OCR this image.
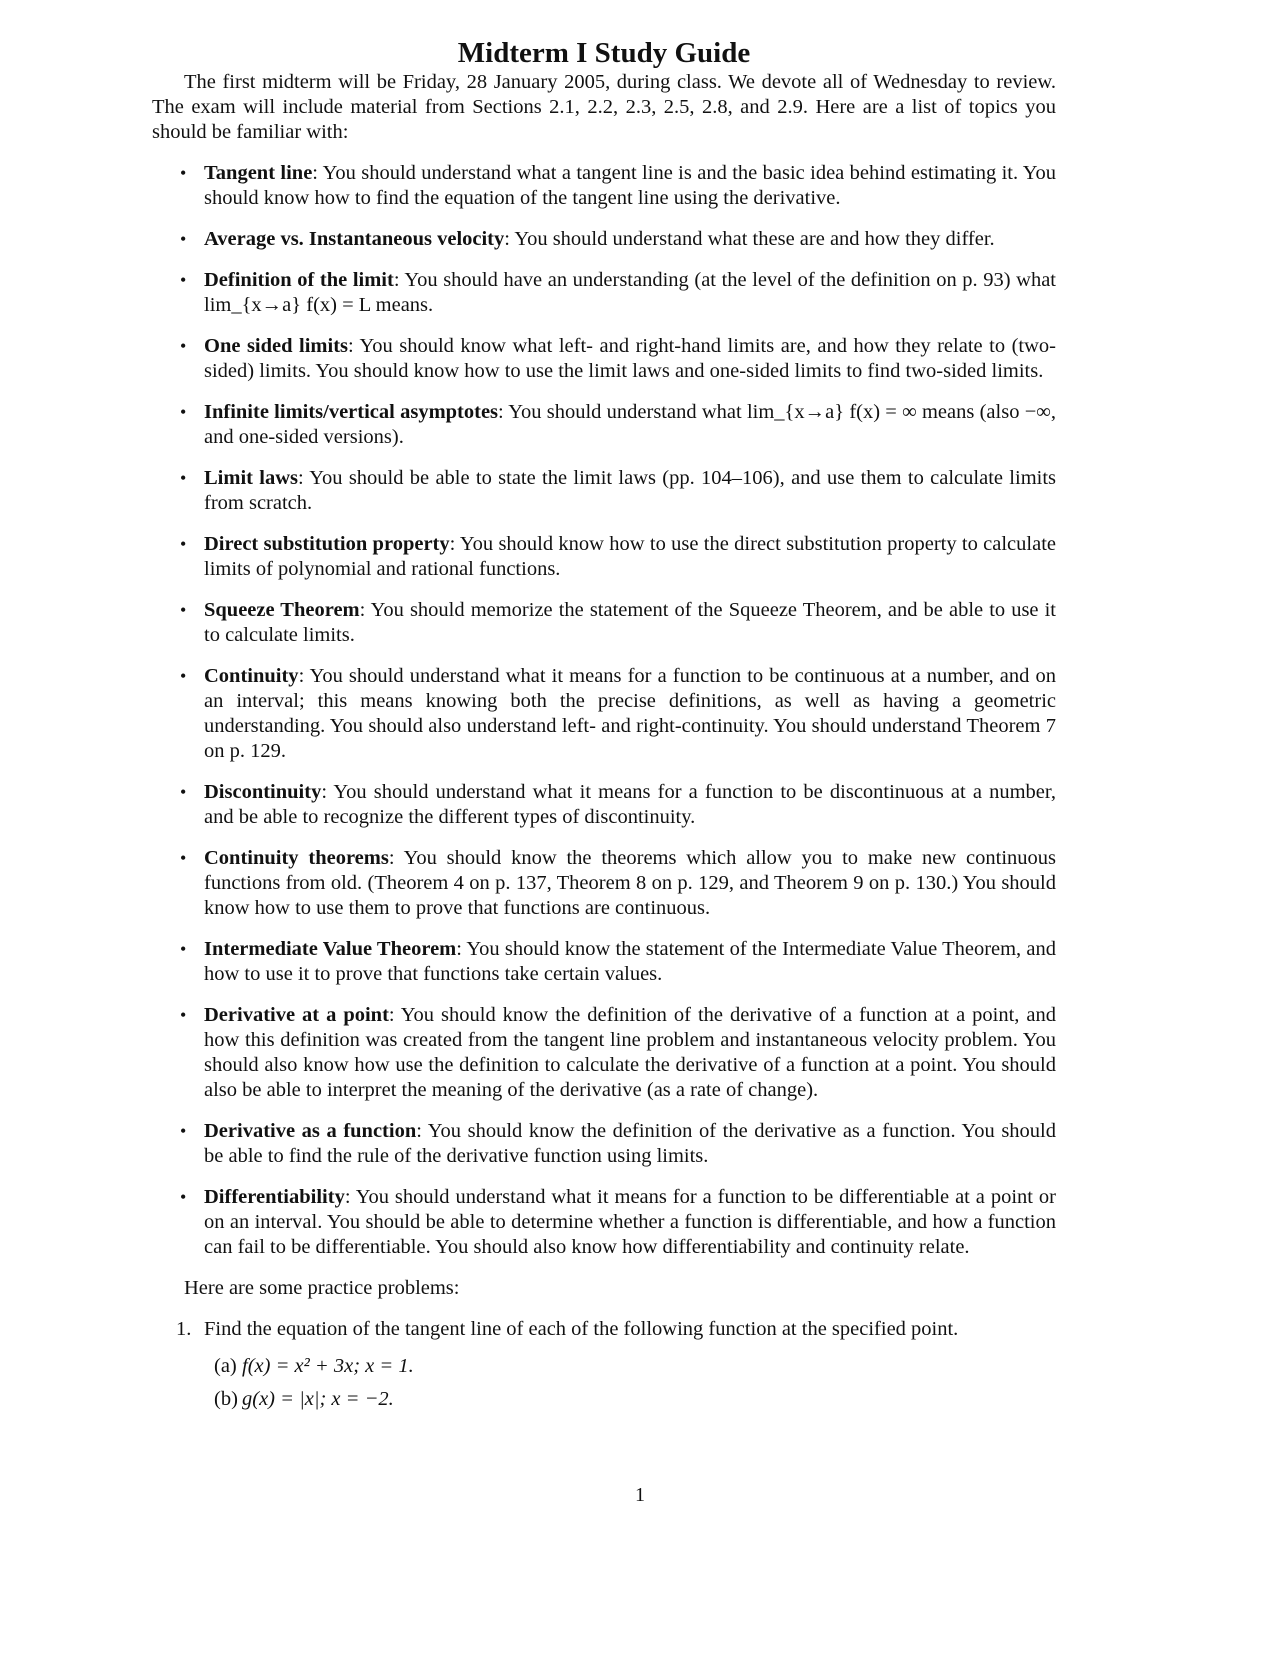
Midterm I Study Guide

The first midterm will be Friday, 28 January 2005, during class. We devote all of Wednesday to review. The exam will include material from Sections 2.1, 2.2, 2.3, 2.5, 2.8, and 2.9. Here are a list of topics you should be familiar with:

• Tangent line: You should understand what a tangent line is and the basic idea behind estimating it. You should know how to find the equation of the tangent line using the derivative.
• Average vs. Instantaneous velocity: You should understand what these are and how they differ.
• Definition of the limit: You should have an understanding (at the level of the definition on p. 93) what lim_{x→a} f(x) = L means.
• One sided limits: You should know what left- and right-hand limits are, and how they relate to (two-sided) limits. You should know how to use the limit laws and one-sided limits to find two-sided limits.
• Infinite limits/vertical asymptotes: You should understand what lim_{x→a} f(x) = ∞ means (also −∞, and one-sided versions).
• Limit laws: You should be able to state the limit laws (pp. 104–106), and use them to calculate limits from scratch.
• Direct substitution property: You should know how to use the direct substitution property to calculate limits of polynomial and rational functions.
• Squeeze Theorem: You should memorize the statement of the Squeeze Theorem, and be able to use it to calculate limits.
• Continuity: You should understand what it means for a function to be continuous at a number, and on an interval; this means knowing both the precise definitions, as well as having a geometric understanding. You should also understand left- and right-continuity. You should understand Theorem 7 on p. 129.
• Discontinuity: You should understand what it means for a function to be discontinuous at a number, and be able to recognize the different types of discontinuity.
• Continuity theorems: You should know the theorems which allow you to make new continuous functions from old. (Theorem 4 on p. 137, Theorem 8 on p. 129, and Theorem 9 on p. 130.) You should know how to use them to prove that functions are continuous.
• Intermediate Value Theorem: You should know the statement of the Intermediate Value Theorem, and how to use it to prove that functions take certain values.
• Derivative at a point: You should know the definition of the derivative of a function at a point, and how this definition was created from the tangent line problem and instantaneous velocity problem. You should also know how use the definition to calculate the derivative of a function at a point. You should also be able to interpret the meaning of the derivative (as a rate of change).
• Derivative as a function: You should know the definition of the derivative as a function. You should be able to find the rule of the derivative function using limits.
• Differentiability: You should understand what it means for a function to be differentiable at a point or on an interval. You should be able to determine whether a function is differentiable, and how a function can fail to be differentiable. You should also know how differentiability and continuity relate.

Here are some practice problems:

1. Find the equation of the tangent line of each of the following function at the specified point.
(a) f(x) = x² + 3x; x = 1.
(b) g(x) = |x|; x = −2.
1
